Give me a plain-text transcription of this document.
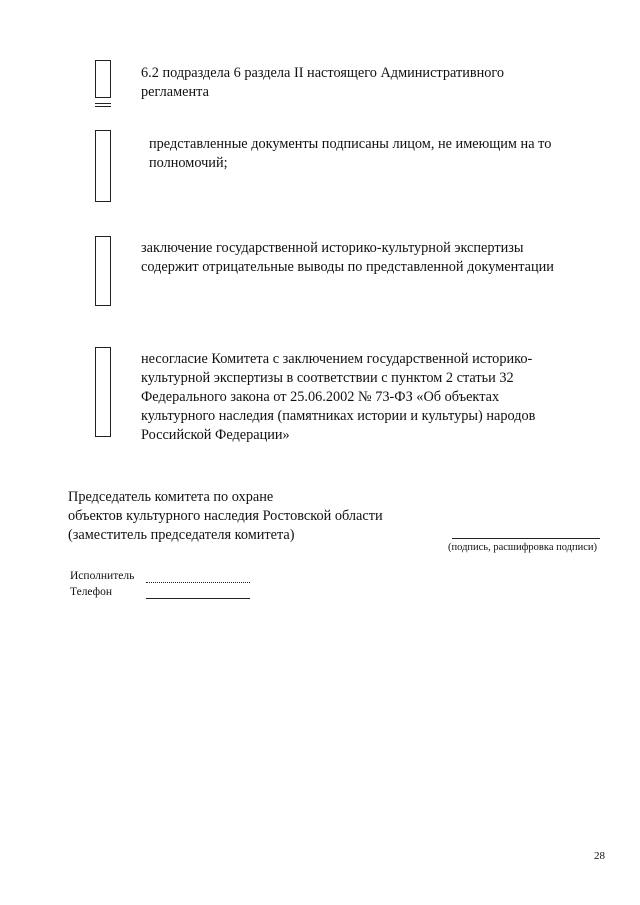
6.2 подраздела 6 раздела II настоящего Административного
регламента
представленные документы подписаны лицом, не имеющим на то
полномочий;
заключение государственной историко-культурной экспертизы
содержит отрицательные выводы по представленной документации
несогласие Комитета с заключением государственной историко-
культурной экспертизы в соответствии с пунктом 2 статьи 32
Федерального закона от 25.06.2002 № 73-ФЗ «Об объектах
культурного наследия (памятниках истории и культуры) народов
Российской Федерации»
Председатель комитета по охране
объектов культурного наследия Ростовской области
(заместитель председателя комитета)
(подпись, расшифровка подписи)
Исполнитель
Телефон
28
